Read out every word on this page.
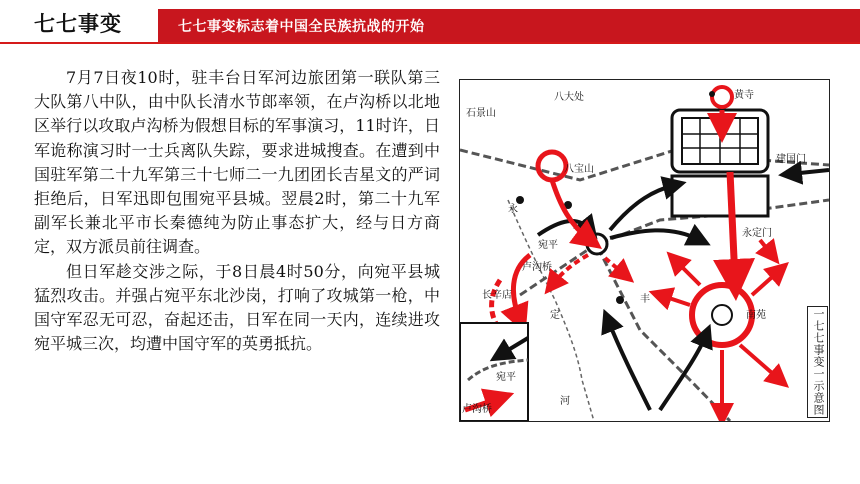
七七事变	七七事变标志着中国全民族抗战的开始

7月7日夜10时，驻丰台日军河边旅团第一联队第三大队第八中队，由中队长清水节郎率领，在卢沟桥以北地区举行以攻取卢沟桥为假想目标的军事演习，11时许，日军诡称演习时一士兵离队失踪，要求进城搜查。在遭到中国驻军第二十九军第三十七师二一九团团长吉星文的严词拒绝后，日军迅即包围宛平县城。翌晨2时，第二十九军副军长兼北平市长秦德纯为防止事态扩大，经与日方商定，双方派员前往调查。

但日军趁交涉之际，于8日晨4时50分，向宛平县城猛烈攻击。并强占宛平东北沙岗，打响了攻城第一枪，中国守军忍无可忍，奋起还击，日军在同一天内，连续进攻宛平城三次，均遭中国守军的英勇抵抗。

石景山
八大处	黄寺
八宝山
建国门
永定门
宛平
卢沟桥
长辛店
永
定
河
南苑
宛平
卢沟桥
丰
一七七事变一示意图
